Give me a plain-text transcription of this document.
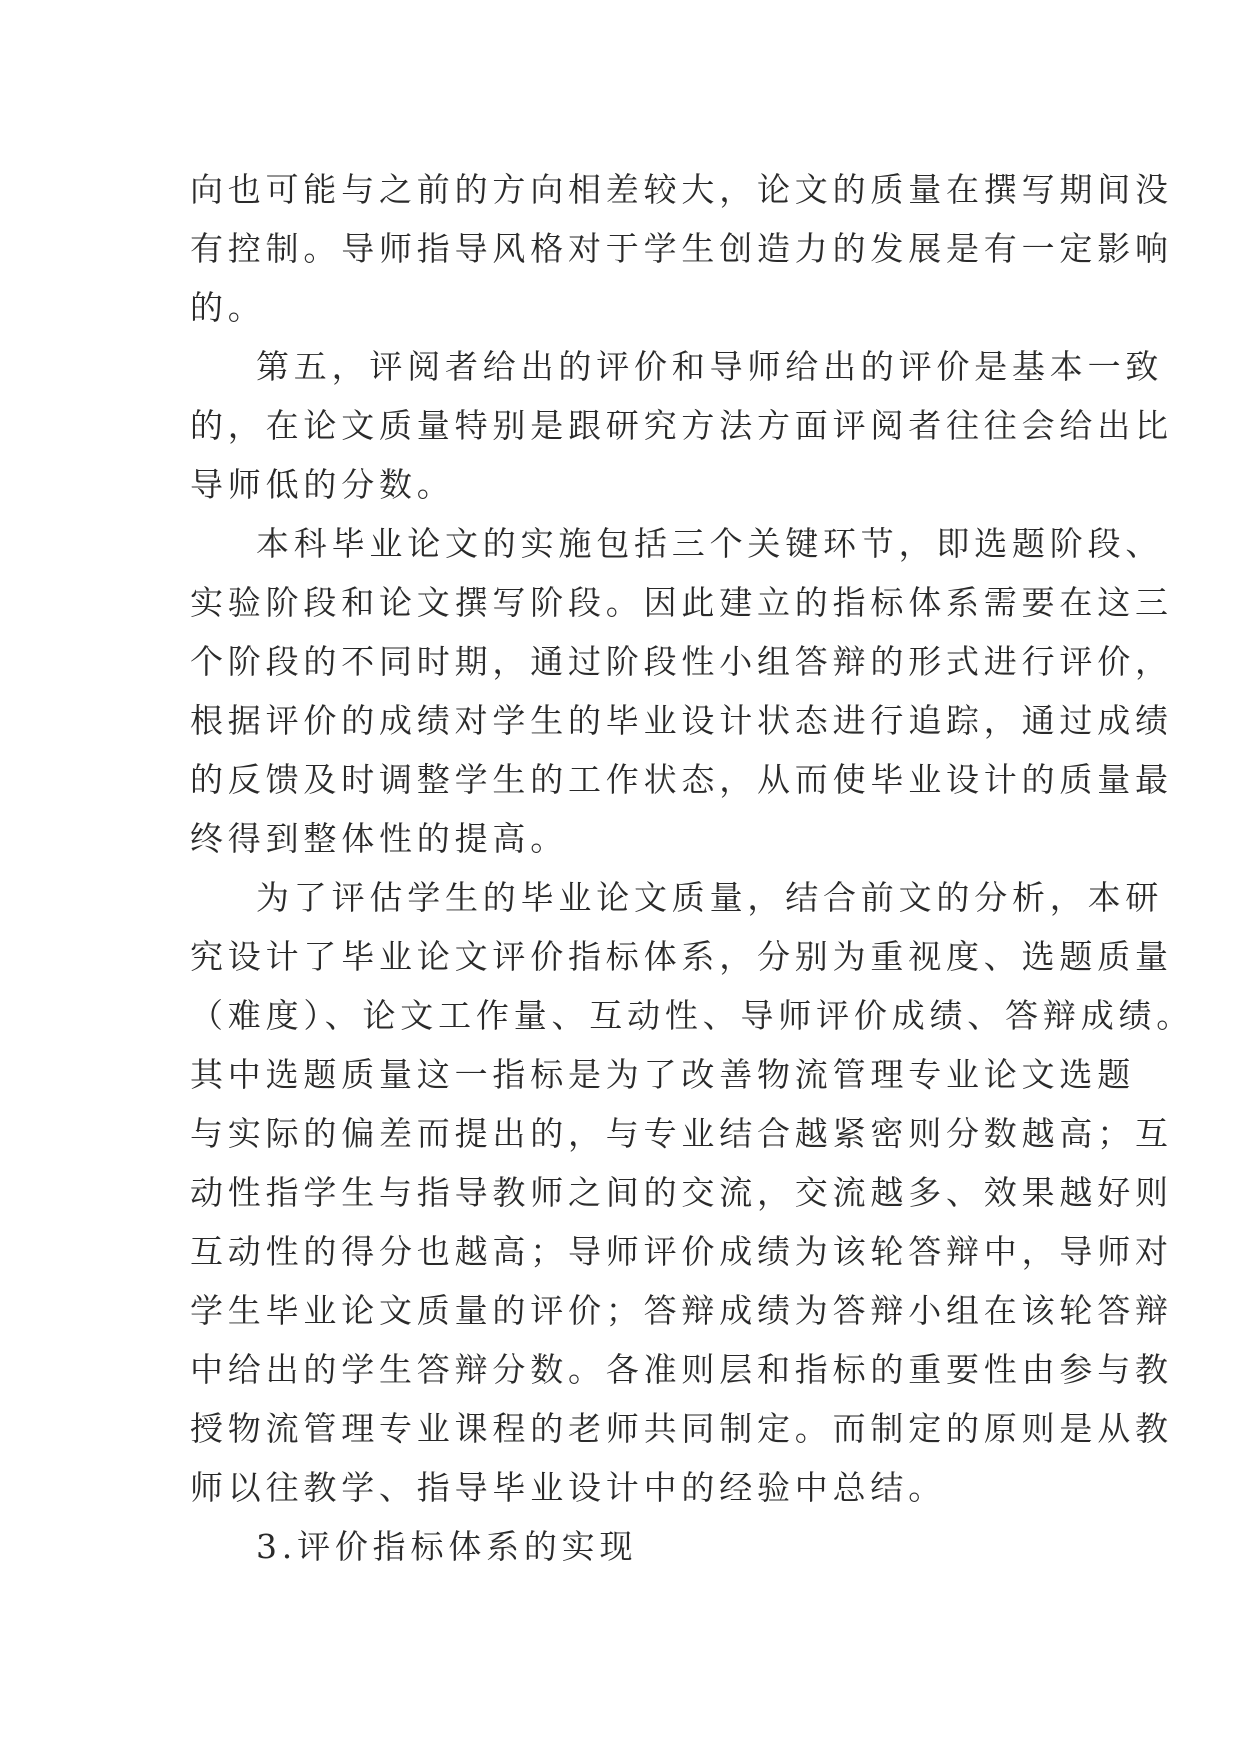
向也可能与之前的方向相差较大，论文的质量在撰写期间没
有控制。导师指导风格对于学生创造力的发展是有一定影响
的。
第五，评阅者给出的评价和导师给出的评价是基本一致
的，在论文质量特别是跟研究方法方面评阅者往往会给出比
导师低的分数。
本科毕业论文的实施包括三个关键环节，即选题阶段、
实验阶段和论文撰写阶段。因此建立的指标体系需要在这三
个阶段的不同时期，通过阶段性小组答辩的形式进行评价，
根据评价的成绩对学生的毕业设计状态进行追踪，通过成绩
的反馈及时调整学生的工作状态，从而使毕业设计的质量最
终得到整体性的提高。
为了评估学生的毕业论文质量，结合前文的分析，本研
究设计了毕业论文评价指标体系，分别为重视度、选题质量
（难度）、论文工作量、互动性、导师评价成绩、答辩成绩。
其中选题质量这一指标是为了改善物流管理专业论文选题
与实际的偏差而提出的，与专业结合越紧密则分数越高；互
动性指学生与指导教师之间的交流，交流越多、效果越好则
互动性的得分也越高；导师评价成绩为该轮答辩中，导师对
学生毕业论文质量的评价；答辩成绩为答辩小组在该轮答辩
中给出的学生答辩分数。各准则层和指标的重要性由参与教
授物流管理专业课程的老师共同制定。而制定的原则是从教
师以往教学、指导毕业设计中的经验中总结。
3.评价指标体系的实现
